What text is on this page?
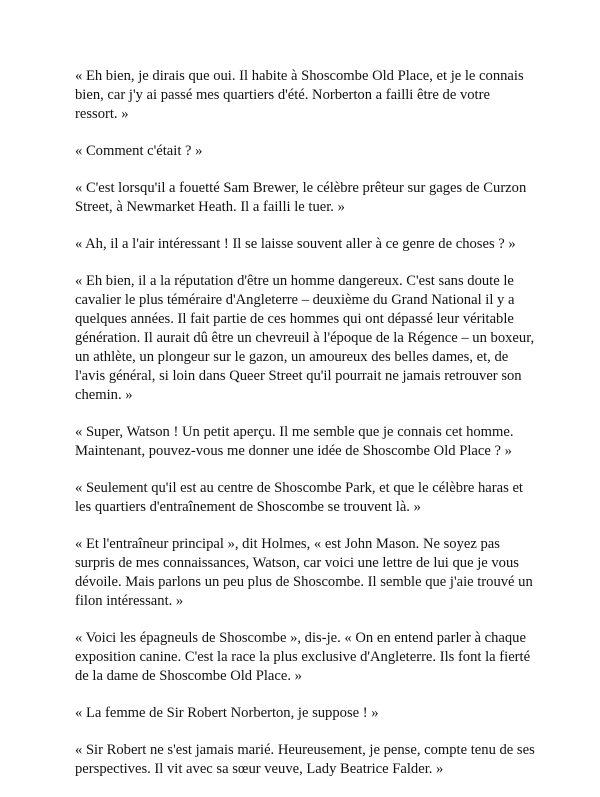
« Eh bien, je dirais que oui. Il habite à Shoscombe Old Place, et je le connais bien, car j'y ai passé mes quartiers d'été. Norberton a failli être de votre ressort. »

« Comment c'était ? »

« C'est lorsqu'il a fouetté Sam Brewer, le célèbre prêteur sur gages de Curzon Street, à Newmarket Heath. Il a failli le tuer. »

« Ah, il a l'air intéressant ! Il se laisse souvent aller à ce genre de choses ? »

« Eh bien, il a la réputation d'être un homme dangereux. C'est sans doute le cavalier le plus téméraire d'Angleterre – deuxième du Grand National il y a quelques années. Il fait partie de ces hommes qui ont dépassé leur véritable génération. Il aurait dû être un chevreuil à l'époque de la Régence – un boxeur, un athlète, un plongeur sur le gazon, un amoureux des belles dames, et, de l'avis général, si loin dans Queer Street qu'il pourrait ne jamais retrouver son chemin. »

« Super, Watson ! Un petit aperçu. Il me semble que je connais cet homme. Maintenant, pouvez-vous me donner une idée de Shoscombe Old Place ? »

« Seulement qu'il est au centre de Shoscombe Park, et que le célèbre haras et les quartiers d'entraînement de Shoscombe se trouvent là. »

« Et l'entraîneur principal », dit Holmes, « est John Mason. Ne soyez pas surpris de mes connaissances, Watson, car voici une lettre de lui que je vous dévoile. Mais parlons un peu plus de Shoscombe. Il semble que j'aie trouvé un filon intéressant. »

« Voici les épagneuls de Shoscombe », dis-je. « On en entend parler à chaque exposition canine. C'est la race la plus exclusive d'Angleterre. Ils font la fierté de la dame de Shoscombe Old Place. »

« La femme de Sir Robert Norberton, je suppose ! »

« Sir Robert ne s'est jamais marié. Heureusement, je pense, compte tenu de ses perspectives. Il vit avec sa sœur veuve, Lady Beatrice Falder. »
